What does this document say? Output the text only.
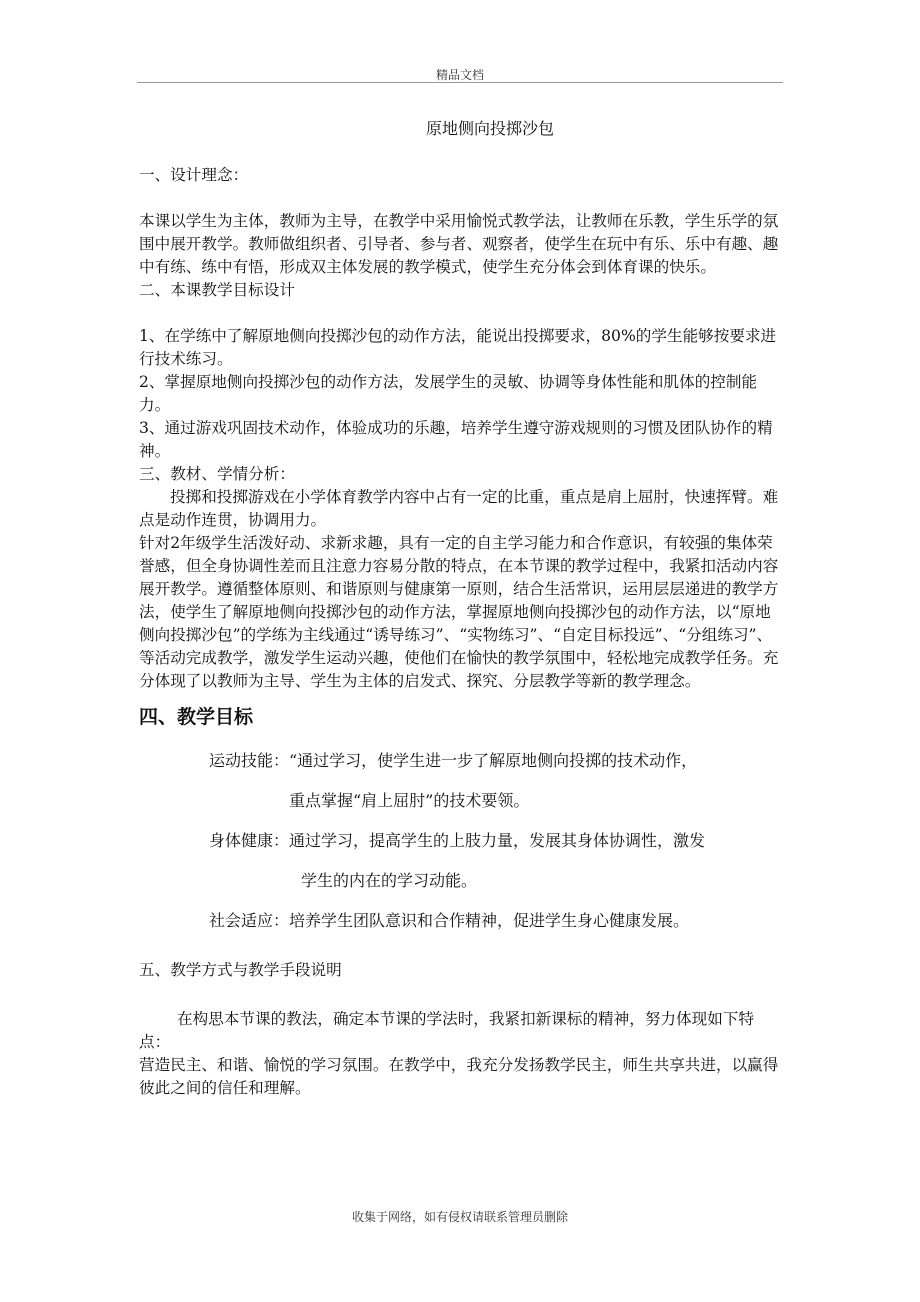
精品文档
原地侧向投掷沙包

一、设计理念：

本课以学生为主体，教师为主导，在教学中采用愉悦式教学法，让教师在乐教，学生乐学的氛围中展开教学。教师做组织者、引导者、参与者、观察者，使学生在玩中有乐、乐中有趣、趣中有练、练中有悟，形成双主体发展的教学模式，使学生充分体会到体育课的快乐。

二、本课教学目标设计

1、在学练中了解原地侧向投掷沙包的动作方法，能说出投掷要求，80%的学生能够按要求进行技术练习。

2、掌握原地侧向投掷沙包的动作方法，发展学生的灵敏、协调等身体性能和肌体的控制能力。

3、通过游戏巩固技术动作，体验成功的乐趣，培养学生遵守游戏规则的习惯及团队协作的精神。

三、教材、学情分析：

投掷和投掷游戏在小学体育教学内容中占有一定的比重，重点是肩上屈肘，快速挥臂。难点是动作连贯，协调用力。

针对2年级学生活泼好动、求新求趣，具有一定的自主学习能力和合作意识，有较强的集体荣誉感，但全身协调性差而且注意力容易分散的特点，在本节课的教学过程中，我紧扣活动内容展开教学。遵循整体原则、和谐原则与健康第一原则，结合生活常识，运用层层递进的教学方法，使学生了解原地侧向投掷沙包的动作方法，掌握原地侧向投掷沙包的动作方法，以“原地侧向投掷沙包”的学练为主线通过“诱导练习”、“实物练习”、“自定目标投远”、“分组练习”、等活动完成教学，激发学生运动兴趣，使他们在愉快的教学氛围中，轻松地完成教学任务。充分体现了以教师为主导、学生为主体的启发式、探究、分层教学等新的教学理念。

四、教学目标

运动技能： “通过学习，使学生进一步了解原地侧向投掷的技术动作，
重点掌握“肩上屈肘”的技术要领。
身体健康： 通过学习，提高学生的上肢力量，发展其身体协调性，激发
学生的内在的学习动能。
社会适应： 培养学生团队意识和合作精神，促进学生身心健康发展。

五、教学方式与教学手段说明

在构思本节课的教法，确定本节课的学法时，我紧扣新课标的精神，努力体现如下特点：

营造民主、和谐、愉悦的学习氛围。在教学中，我充分发扬教学民主，师生共享共进，以赢得彼此之间的信任和理解。

收集于网络，如有侵权请联系管理员删除
